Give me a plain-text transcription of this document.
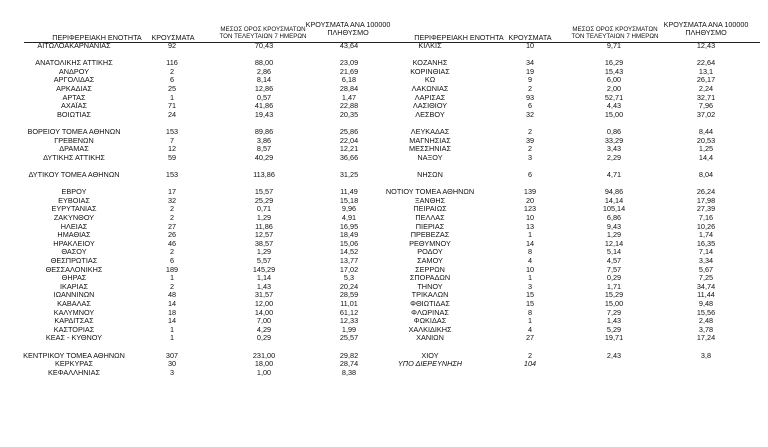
ΠΕΡΙΦΕΡΕΙΑΚΗ ΕΝΟΤΗΤΑ	ΚΡΟΥΣΜΑΤΑ
ΜΕΣΟΣ ΟΡΟΣ ΚΡΟΥΣΜΑΤΩΝ
ΤΟΝ ΤΕΛΕΥΤΑΙΩΝ 7 ΗΜΕΡΩΝ
ΚΡΟΥΣΜΑΤΑ ΑΝΑ 100000
ΠΛΗΘΥΣΜΟ
ΠΕΡΙΦΕΡΕΙΑΚΗ ΕΝΟΤΗΤΑ ΚΡΟΥΣΜΑΤΑ
ΜΕΣΟΣ ΟΡΟΣ ΚΡΟΥΣΜΑΤΩΝ
ΤΟΝ ΤΕΛΕΥΤΑΙΩΝ 7 ΗΜΕΡΩΝ
ΚΡΟΥΣΜΑΤΑ ΑΝΑ 100000
ΠΛΗΘΥΣΜΟ
ΑΙΤΩΛΟΑΚΑΡΝΑΝΙΑΣ	92	70,43	43,64
ΑΝΑΤΟΛΙΚΗΣ ΑΤΤΙΚΗΣ	116	88,00	23,09
ΑΝΔΡΟΥ	2	2,86	21,69
ΑΡΓΟΛΙΔΑΣ	6	8,14	6,18
ΑΡΚΑΔΙΑΣ	25	12,86	28,84
ΑΡΤΑΣ	1	0,57	1,47
ΑΧΑΪΑΣ	71	41,86	22,88
ΒΟΙΩΤΙΑΣ	24	19,43	20,35
ΒΟΡΕΙΟΥ ΤΟΜΕΑ ΑΘΗΝΩΝ	153	89,86	25,86
ΓΡΕΒΕΝΩΝ	7	3,86	22,04
ΔΡΑΜΑΣ	12	8,57	12,21
ΔΥΤΙΚΗΣ ΑΤΤΙΚΗΣ	59	40,29	36,66
ΔΥΤΙΚΟΥ ΤΟΜΕΑ ΑΘΗΝΩΝ	153	113,86	31,25
ΕΒΡΟΥ	17	15,57	11,49
ΕΥΒΟΙΑΣ	32	25,29	15,18
ΕΥΡΥΤΑΝΙΑΣ	2	0,71	9,96
ΖΑΚΥΝΘΟΥ	2	1,29	4,91
ΗΛΕΙΑΣ	27	11,86	16,95
ΗΜΑΘΙΑΣ	26	12,57	18,49
ΗΡΑΚΛΕΙΟΥ	46	38,57	15,06
ΘΑΣΟΥ	2	1,29	14,52
ΘΕΣΠΡΩΤΙΑΣ	6	5,57	13,77
ΘΕΣΣΑΛΟΝΙΚΗΣ	189	145,29	17,02
ΘΗΡΑΣ	1	1,14	5,3
ΙΚΑΡΙΑΣ	2	1,43	20,24
ΙΩΑΝΝΙΝΩΝ	48	31,57	28,59
ΚΑΒΑΛΑΣ	14	12,00	11,01
ΚΑΛΥΜΝΟΥ	18	14,00	61,12
ΚΑΡΔΙΤΣΑΣ	14	7,00	12,33
ΚΑΣΤΟΡΙΑΣ	1	4,29	1,99
ΚΕΑΣ - ΚΥΘΝΟΥ	1	0,29	25,57
ΚΕΝΤΡΙΚΟΥ ΤΟΜΕΑ ΑΘΗΝΩΝ	307	231,00	29,82
ΚΕΡΚΥΡΑΣ	30	18,00	28,74
ΚΕΦΑΛΛΗΝΙΑΣ	3	1,00	8,38
ΚΙΛΚΙΣ	10	9,71	12,43
ΚΟΖΑΝΗΣ	34	16,29	22,64
ΚΟΡΙΝΘΙΑΣ	19	15,43	13,1
ΚΩ	9	6,00	26,17
ΛΑΚΩΝΙΑΣ	2	2,00	2,24
ΛΑΡΙΣΑΣ	93	52,71	32,71
ΛΑΣΙΘΙΟΥ	6	4,43	7,96
ΛΕΣΒΟΥ	32	15,00	37,02
ΛΕΥΚΑΔΑΣ	2	0,86	8,44
ΜΑΓΝΗΣΙΑΣ	39	33,29	20,53
ΜΕΣΣΗΝΙΑΣ	2	3,43	1,25
ΝΑΞΟΥ	3	2,29	14,4
ΝΗΣΩΝ	6	4,71	8,04
ΝΟΤΙΟΥ ΤΟΜΕΑ ΑΘΗΝΩΝ	139	94,86	26,24
ΞΑΝΘΗΣ	20	14,14	17,98
ΠΕΙΡΑΙΩΣ	123	105,14	27,39
ΠΕΛΛΑΣ	10	6,86	7,16
ΠΙΕΡΙΑΣ	13	9,43	10,26
ΠΡΕΒΕΖΑΣ	1	1,29	1,74
ΡΕΘΥΜΝΟΥ	14	12,14	16,35
ΡΟΔΟΥ	8	5,14	7,14
ΣΑΜΟΥ	4	4,57	3,34
ΣΕΡΡΩΝ	10	7,57	5,67
ΣΠΟΡΑΔΩΝ	1	0,29	7,25
ΤΗΝΟΥ	3	1,71	34,74
ΤΡΙΚΑΛΩΝ	15	15,29	11,44
ΦΘΙΩΤΙΔΑΣ	15	15,00	9,48
ΦΛΩΡΙΝΑΣ	8	7,29	15,56
ΦΩΚΙΔΑΣ	1	1,43	2,48
ΧΑΛΚΙΔΙΚΗΣ	4	5,29	3,78
ΧΑΝΙΩΝ	27	19,71	17,24
ΧΙΟΥ	2	2,43	3,8
ΥΠΟ ΔΙΕΡΕΥΝΗΣΗ	104
